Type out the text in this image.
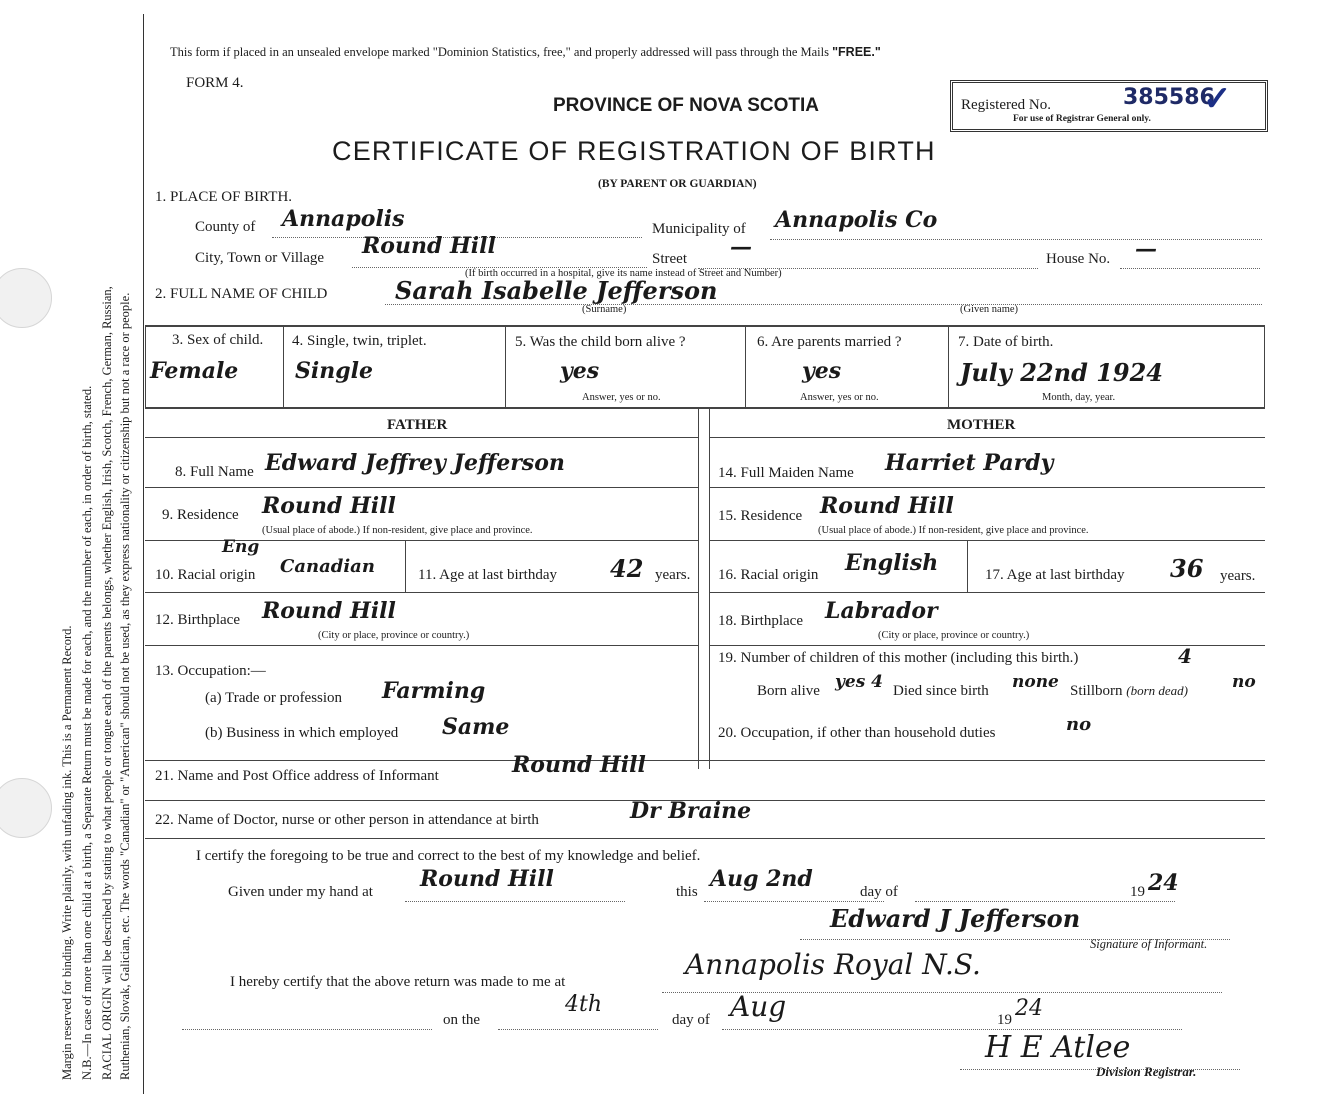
Margin reserved for binding. Write plainly, with unfading ink. This is a Permanent Record. N.B.—In case of more than one child at a birth, a Separate Return must be made for each, and the number of each, in order of birth, stated. RACIAL ORIGIN will be described by stating to what people or tongue each of the parents belongs, whether English, Irish, Scotch, French, German, Russian, Ruthenian, Slovak, Galician, etc. The words "Canadian" or "American" should not be used, as they express nationality or citizenship but not a race or people.
This form if placed in an unsealed envelope marked "Dominion Statistics, free," and properly addressed will pass through the Mails "FREE."
FORM 4.
PROVINCE OF NOVA SCOTIA
CERTIFICATE OF REGISTRATION OF BIRTH
(BY PARENT OR GUARDIAN)
Registered No.	385586
✓
For use of Registrar General only.
1. PLACE OF BIRTH.
County of Annapolis	Municipality of Annapolis Co
City, Town or Village Round Hill	Street —	House No. —
(If birth occurred in a hospital, give its name instead of Street and Number)
2. FULL NAME OF CHILD	Sarah Isabelle Jefferson
(Surname)	(Given name)
3. Sex of child.
Female
4. Single, twin, triplet.
Single
5. Was the child born alive ?
yes
Answer, yes or no.
6. Are parents married ?
yes
Answer, yes or no.
7. Date of birth.
July 22nd 1924
Month, day, year.
FATHER	MOTHER
8. Full Name Edward Jeffrey Jefferson
9. Residence Round Hill
(Usual place of abode.) If non-resident, give place and province.
10. Racial origin
Eng
Canadian	11. Age at last birthday 42 years.
12. Birthplace Round Hill
(City or place, province or country.)
13. Occupation:—
(a) Trade or profession Farming
(b) Business in which employed Same
14. Full Maiden Name Harriet Pardy
15. Residence Round Hill
(Usual place of abode.) If non-resident, give place and province.
16. Racial origin English	17. Age at last birthday 36 years.
18. Birthplace Labrador
(City or place, province or country.)
19. Number of children of this mother (including this birth.)	4
Born alive yes 4 Died since birth none Stillborn (born dead)	no
20. Occupation, if other than household duties	no
21. Name and Post Office address of Informant	Round Hill
22. Name of Doctor, nurse or other person in attendance at birth	Dr Braine
I certify the foregoing to be true and correct to the best of my knowledge and belief.
Given under my hand at Round Hill	this Aug 2nd	day of	19 24
Edward J Jefferson
Signature of Informant.
I hereby certify that the above return was made to me at
Annapolis Royal N.S.
on the
4th
day of Aug	19 24
H E Atlee
Division Registrar.
